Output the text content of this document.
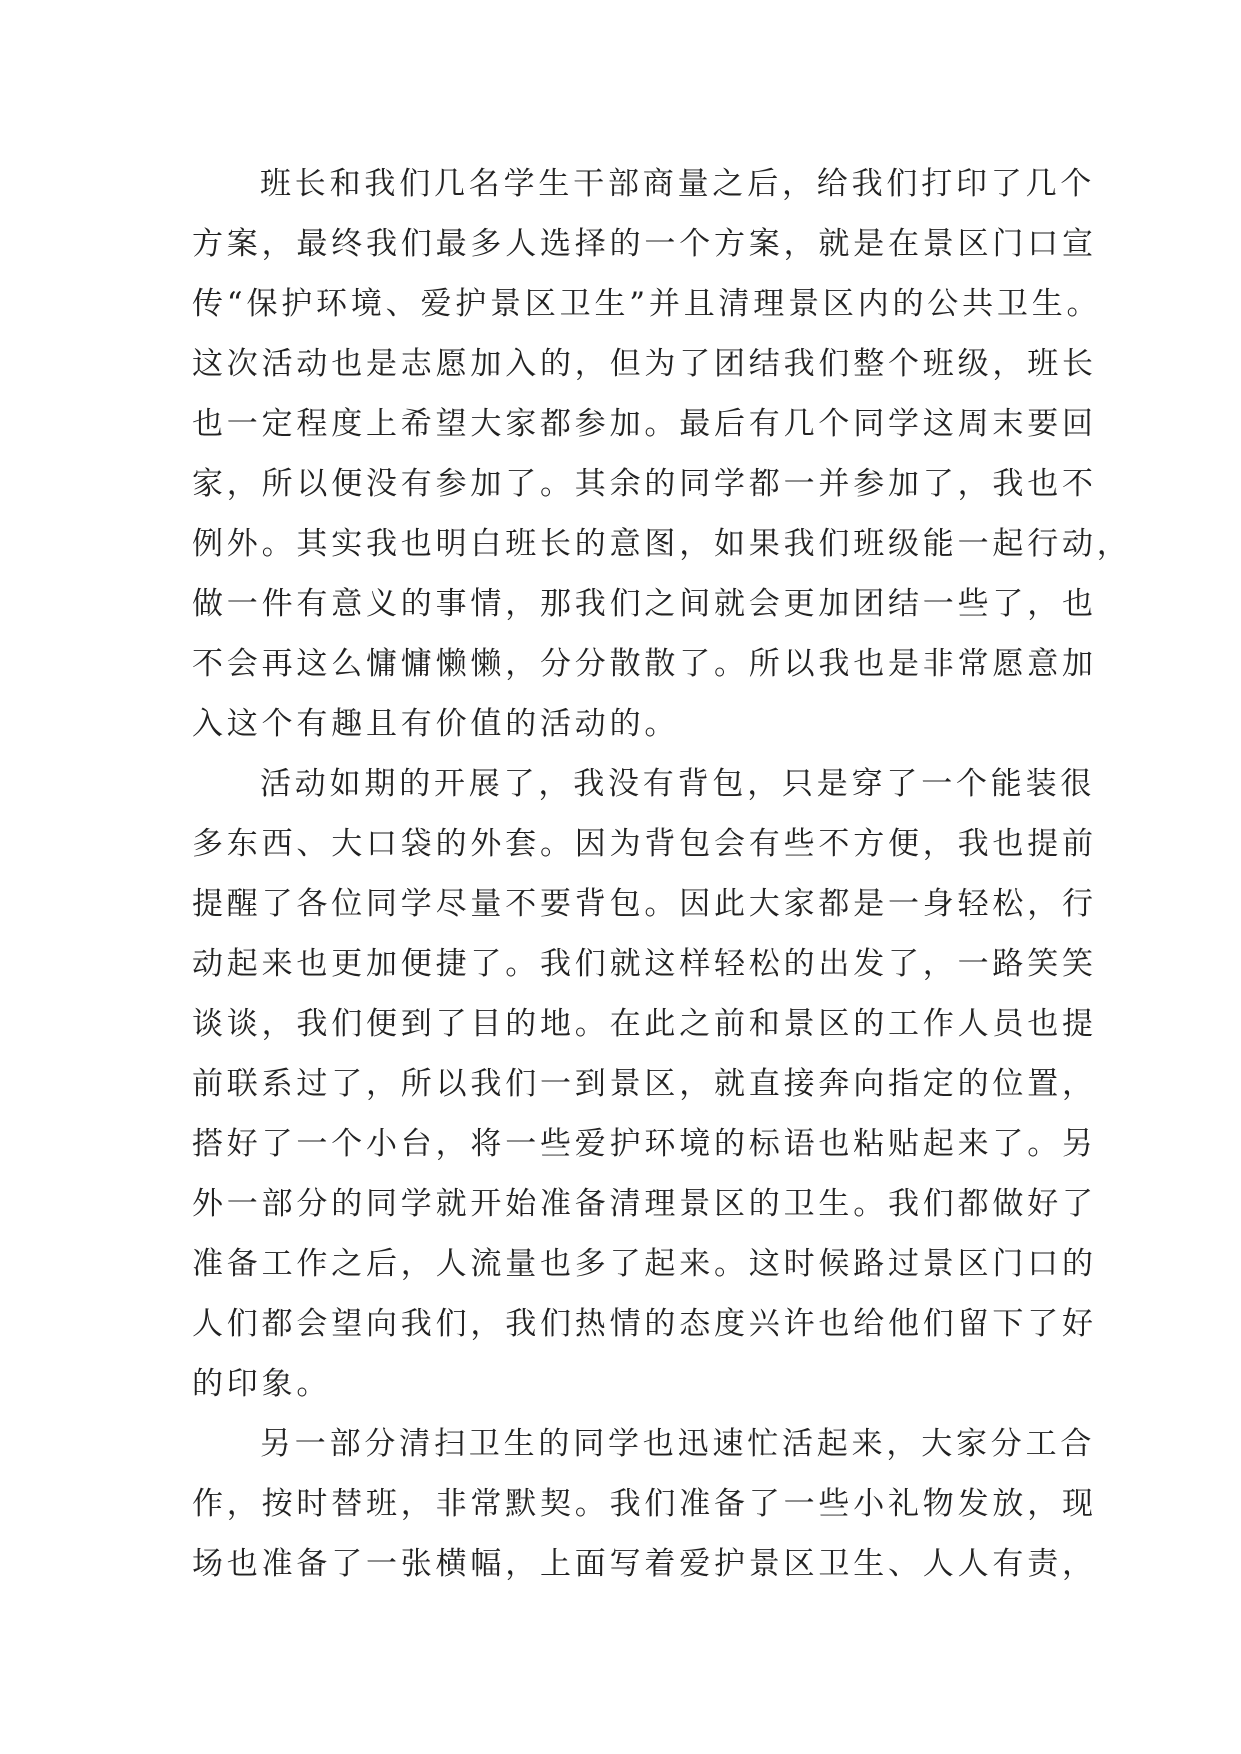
班长和我们几名学生干部商量之后，给我们打印了几个
方案，最终我们最多人选择的一个方案，就是在景区门口宣
传“保护环境、爱护景区卫生”并且清理景区内的公共卫生。
这次活动也是志愿加入的，但为了团结我们整个班级，班长
也一定程度上希望大家都参加。最后有几个同学这周末要回
家，所以便没有参加了。其余的同学都一并参加了，我也不
例外。其实我也明白班长的意图，如果我们班级能一起行动，
做一件有意义的事情，那我们之间就会更加团结一些了，也
不会再这么慵慵懒懒，分分散散了。所以我也是非常愿意加
入这个有趣且有价值的活动的。
活动如期的开展了，我没有背包，只是穿了一个能装很
多东西、大口袋的外套。因为背包会有些不方便，我也提前
提醒了各位同学尽量不要背包。因此大家都是一身轻松，行
动起来也更加便捷了。我们就这样轻松的出发了，一路笑笑
谈谈，我们便到了目的地。在此之前和景区的工作人员也提
前联系过了，所以我们一到景区，就直接奔向指定的位置，
搭好了一个小台，将一些爱护环境的标语也粘贴起来了。另
外一部分的同学就开始准备清理景区的卫生。我们都做好了
准备工作之后，人流量也多了起来。这时候路过景区门口的
人们都会望向我们，我们热情的态度兴许也给他们留下了好
的印象。
另一部分清扫卫生的同学也迅速忙活起来，大家分工合
作，按时替班，非常默契。我们准备了一些小礼物发放，现
场也准备了一张横幅，上面写着爱护景区卫生、人人有责，
